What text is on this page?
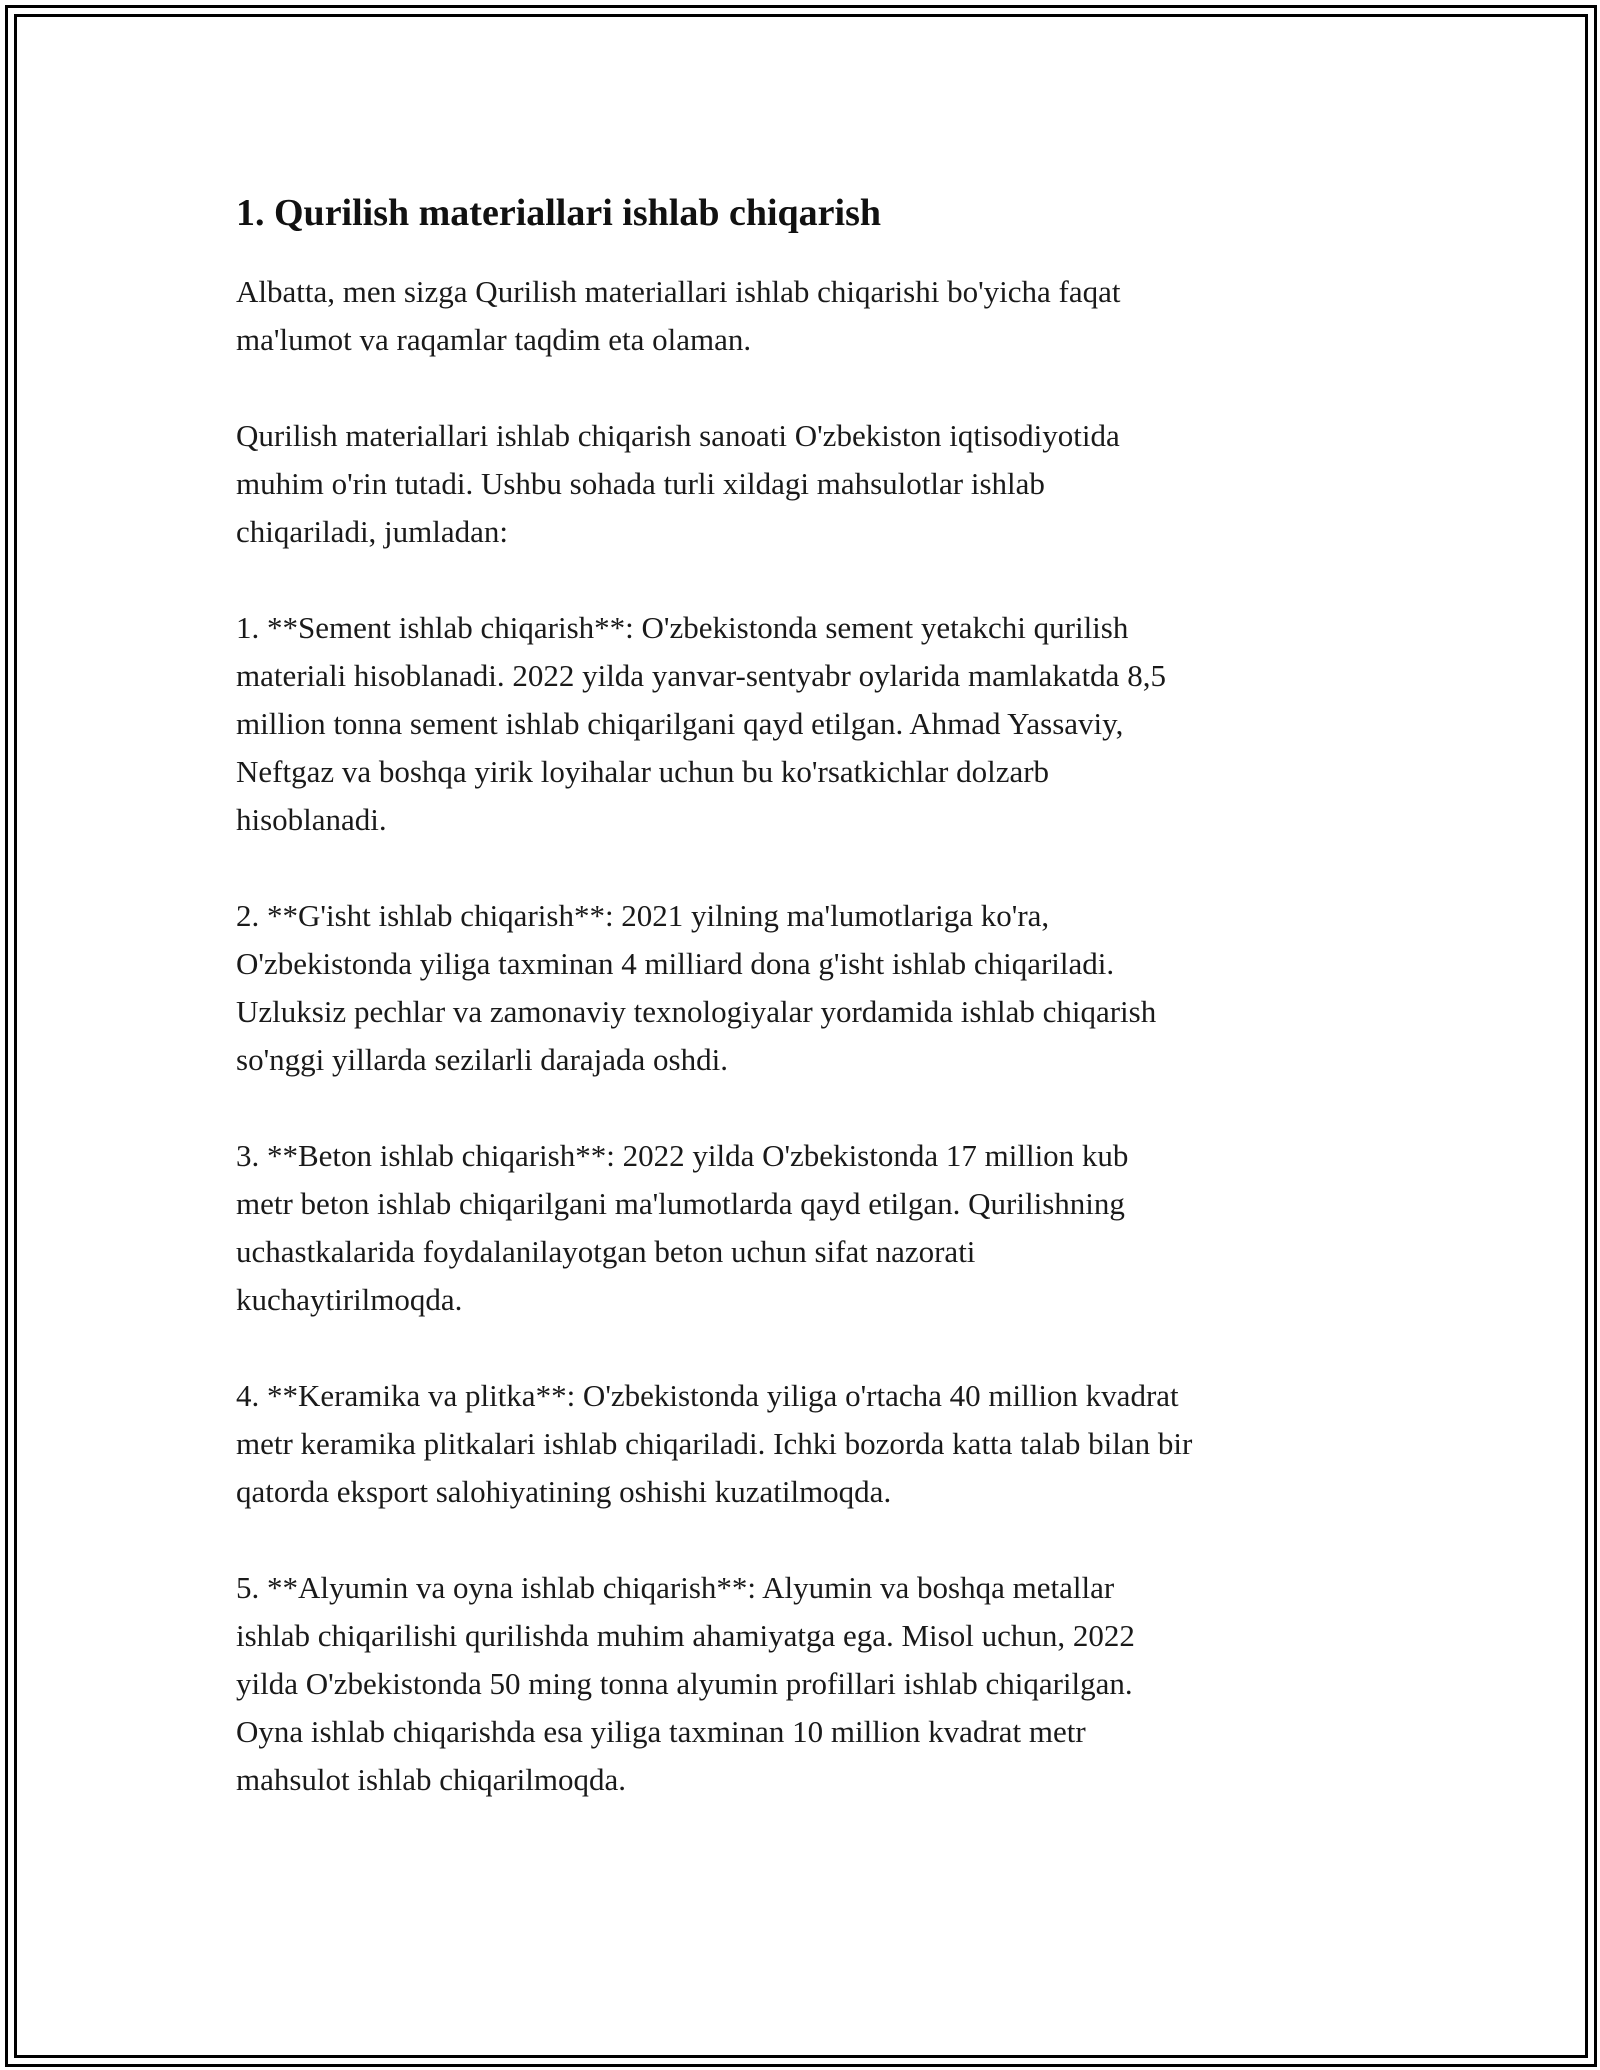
1. Qurilish materiallari ishlab chiqarish

Albatta, men sizga Qurilish materiallari ishlab chiqarishi bo'yicha faqat
ma'lumot va raqamlar taqdim eta olaman.

Qurilish materiallari ishlab chiqarish sanoati O'zbekiston iqtisodiyotida
muhim o'rin tutadi. Ushbu sohada turli xildagi mahsulotlar ishlab
chiqariladi, jumladan:

1. **Sement ishlab chiqarish**: O'zbekistonda sement yetakchi qurilish
materiali hisoblanadi. 2022 yilda yanvar-sentyabr oylarida mamlakatda 8,5
million tonna sement ishlab chiqarilgani qayd etilgan. Ahmad Yassaviy,
Neftgaz va boshqa yirik loyihalar uchun bu ko'rsatkichlar dolzarb
hisoblanadi.

2. **G'isht ishlab chiqarish**: 2021 yilning ma'lumotlariga ko'ra,
O'zbekistonda yiliga taxminan 4 milliard dona g'isht ishlab chiqariladi.
Uzluksiz pechlar va zamonaviy texnologiyalar yordamida ishlab chiqarish
so'nggi yillarda sezilarli darajada oshdi.

3. **Beton ishlab chiqarish**: 2022 yilda O'zbekistonda 17 million kub
metr beton ishlab chiqarilgani ma'lumotlarda qayd etilgan. Qurilishning
uchastkalarida foydalanilayotgan beton uchun sifat nazorati
kuchaytirilmoqda.

4. **Keramika va plitka**: O'zbekistonda yiliga o'rtacha 40 million kvadrat
metr keramika plitkalari ishlab chiqariladi. Ichki bozorda katta talab bilan bir
qatorda eksport salohiyatining oshishi kuzatilmoqda.

5. **Alyumin va oyna ishlab chiqarish**: Alyumin va boshqa metallar
ishlab chiqarilishi qurilishda muhim ahamiyatga ega. Misol uchun, 2022
yilda O'zbekistonda 50 ming tonna alyumin profillari ishlab chiqarilgan.
Oyna ishlab chiqarishda esa yiliga taxminan 10 million kvadrat metr
mahsulot ishlab chiqarilmoqda.
